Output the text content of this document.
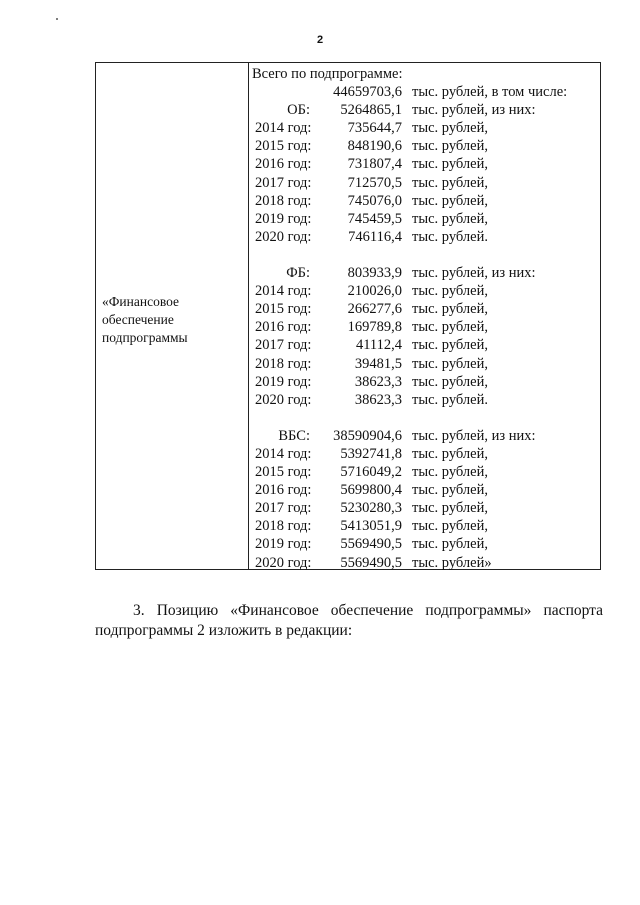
2
«Финансовое обеспечение подпрограммы
Всего по подпрограмме:
44659703,6 тыс. рублей, в том числе:
ОБ: 5264865,1 тыс. рублей, из них:
2014 год: 735644,7 тыс. рублей,
2015 год: 848190,6 тыс. рублей,
2016 год: 731807,4 тыс. рублей,
2017 год: 712570,5 тыс. рублей,
2018 год: 745076,0 тыс. рублей,
2019 год: 745459,5 тыс. рублей,
2020 год:	746116,4 тыс. рублей.
ФБ:	803933,9 тыс. рублей, из них:
2014 год: 210026,0 тыс. рублей,
2015 год: 266277,6 тыс. рублей,
2016 год: 169789,8 тыс. рублей,
2017 год:	41112,4 тыс. рублей,
2018 год:	39481,5 тыс. рублей,
2019 год:	38623,3 тыс. рублей,
2020 год:	38623,3 тыс. рублей.
ВБС: 38590904,6 тыс. рублей, из них:
2014 год: 5392741,8 тыс. рублей,
2015 год: 5716049,2 тыс. рублей,
2016 год: 5699800,4 тыс. рублей,
2017 год: 5230280,3 тыс. рублей,
2018 год: 5413051,9 тыс. рублей,
2019 год: 5569490,5 тыс. рублей,
2020 год: 5569490,5 тыс. рублей»
3. Позицию «Финансовое обеспечение подпрограммы» паспорта подпрограммы 2 изложить в редакции:
